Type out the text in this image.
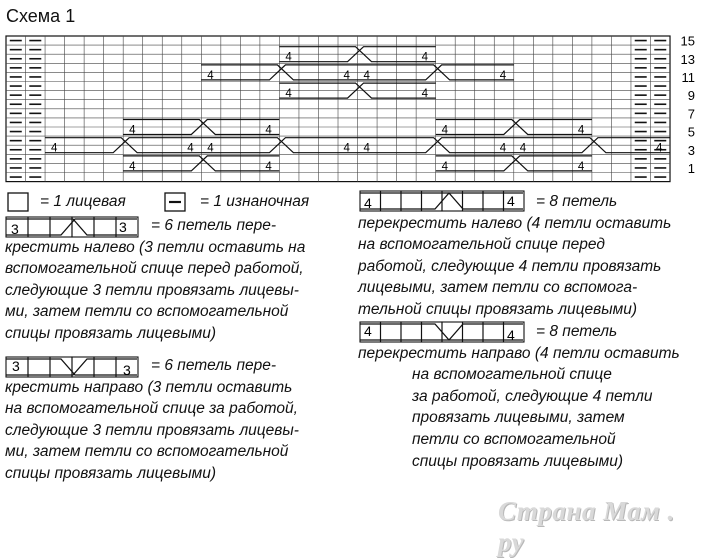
Схема 1
4	4
4	4 4	4
4	4
4	4	4	4
4	4 4	4 4	4 4	4
4	4	4	4
15
13
11
9
7
5
3
1
= 1 лицевая	= 1 изнаночная
3	3	= 6 петель пере-
крестить налево (3 петли оставить на
вспомогательной спице перед работой,
следующие 3 петли провязать лицевы-
ми, затем петли со вспомогательной
спицы провязать лицевыми)
3	3	= 6 петель пере-
крестить направо (3 петли оставить
на вспомогательной спице за работой,
следующие 3 петли провязать лицевы-
ми, затем петли со вспомогательной
спицы провязать лицевыми)
4	4	= 8 петель
перекрестить налево (4 петли оставить
на вспомогательной спице перед
работой, следующие 4 петли провязать
лицевыми, затем петли со вспомога-
тельной спицы провязать лицевыми)
4	4	= 8 петель
перекрестить направо (4 петли оставить
на вспомогательной спице
за работой, следующие 4 петли
провязать лицевыми, затем
петли со вспомогательной
спицы провязать лицевыми)
Страна Мам . ру
